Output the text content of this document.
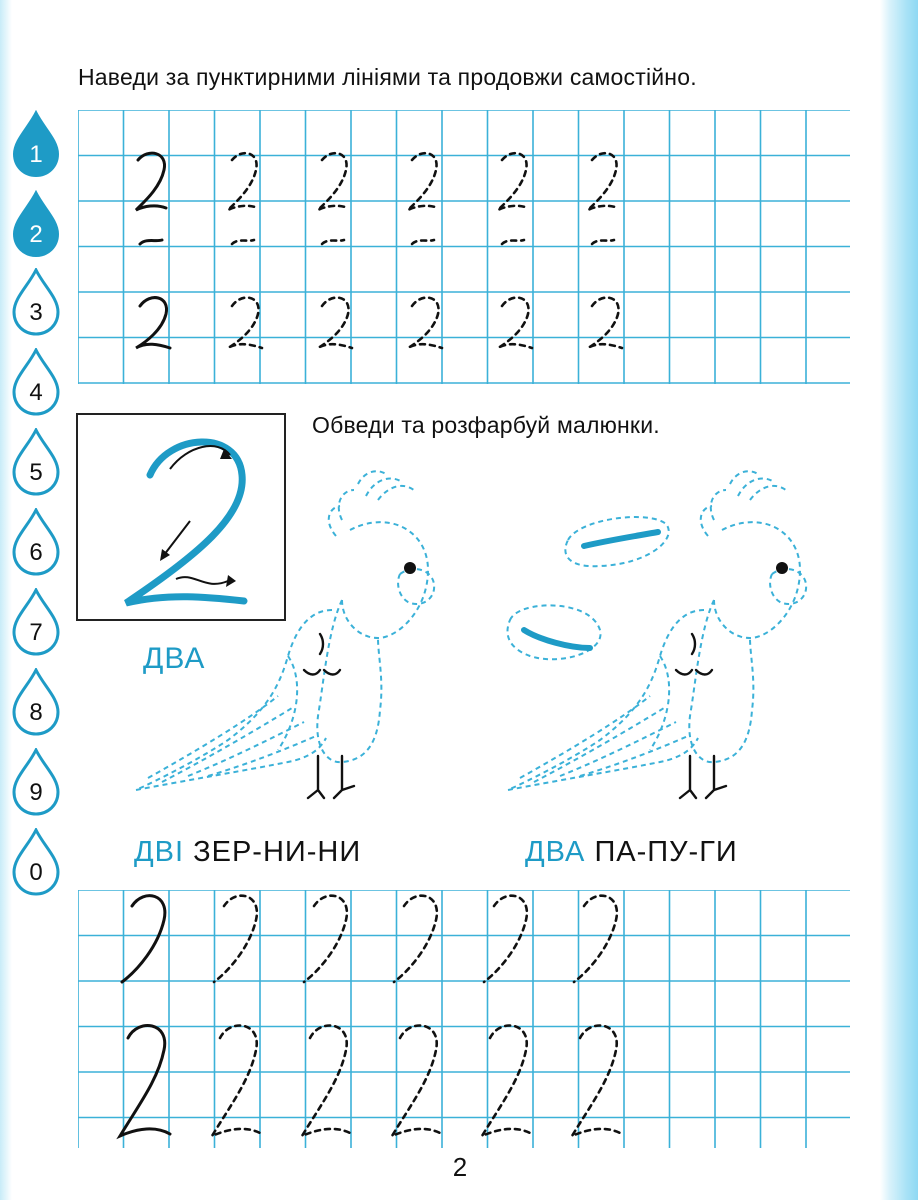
Наведи за пунктирними лініями та продовжи самостійно.
1
2
3
4
5
6
7
8
9
0
ДВА
Обведи та розфарбуй малюнки.
ДВІ ЗЕР-НИ-НИ	ДВА ПА-ПУ-ГИ
2
